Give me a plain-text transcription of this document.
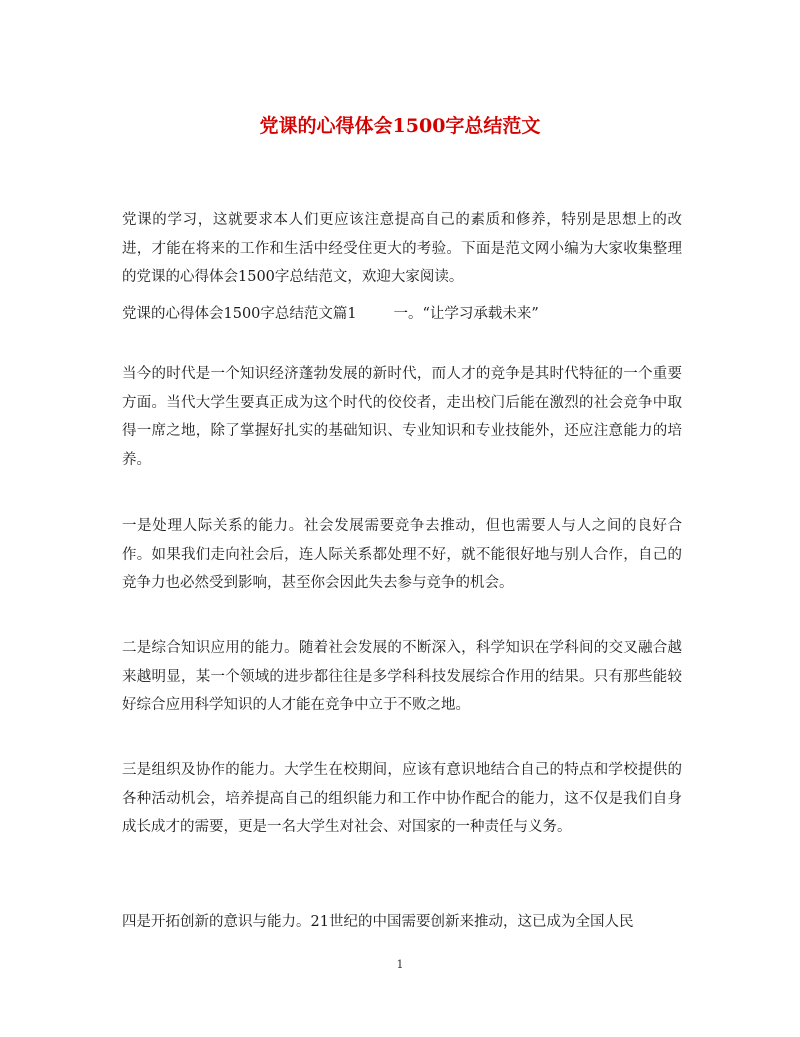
党课的心得体会1500字总结范文

党课的学习，这就要求本人们更应该注意提高自己的素质和修养，特别是思想上的改进，才能在将来的工作和生活中经受住更大的考验。下面是范文网小编为大家收集整理的党课的心得体会1500字总结范文，欢迎大家阅读。

党课的心得体会1500字总结范文篇1	一。“让学习承载未来”

当今的时代是一个知识经济蓬勃发展的新时代，而人才的竞争是其时代特征的一个重要方面。当代大学生要真正成为这个时代的佼佼者，走出校门后能在激烈的社会竞争中取得一席之地，除了掌握好扎实的基础知识、专业知识和专业技能外，还应注意能力的培养。

一是处理人际关系的能力。社会发展需要竞争去推动，但也需要人与人之间的良好合作。如果我们走向社会后，连人际关系都处理不好，就不能很好地与别人合作，自己的竞争力也必然受到影响，甚至你会因此失去参与竞争的机会。

二是综合知识应用的能力。随着社会发展的不断深入，科学知识在学科间的交叉融合越来越明显，某一个领域的进步都往往是多学科科技发展综合作用的结果。只有那些能较好综合应用科学知识的人才能在竞争中立于不败之地。

三是组织及协作的能力。大学生在校期间，应该有意识地结合自己的特点和学校提供的各种活动机会，培养提高自己的组织能力和工作中协作配合的能力，这不仅是我们自身成长成才的需要，更是一名大学生对社会、对国家的一种责任与义务。

四是开拓创新的意识与能力。21世纪的中国需要创新来推动，这已成为全国人民

1
